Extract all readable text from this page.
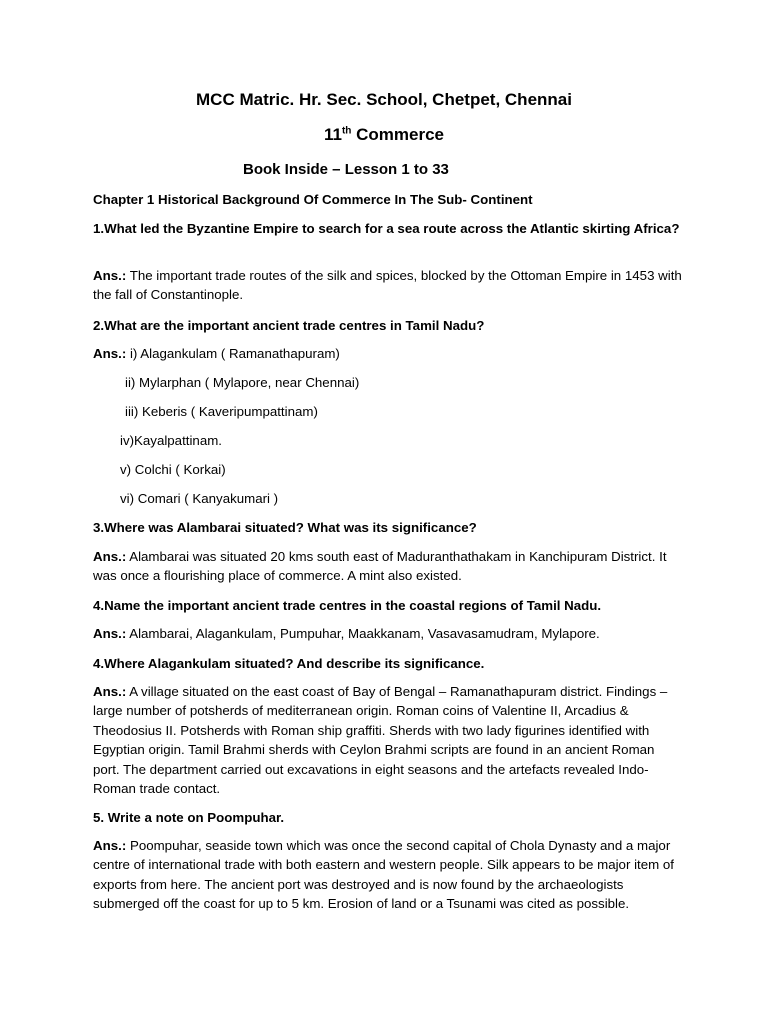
MCC Matric. Hr. Sec. School, Chetpet, Chennai
11th Commerce
Book Inside – Lesson 1 to 33

Chapter 1 Historical Background Of Commerce In The Sub- Continent

1.What led the Byzantine Empire to search for a sea route across the Atlantic skirting Africa?

Ans.: The important trade routes of the silk and spices, blocked by the Ottoman Empire in 1453 with the fall of Constantinople.

2.What are the important ancient trade centres in Tamil Nadu?

Ans.: i) Alagankulam ( Ramanathapuram)

ii) Mylarphan ( Mylapore, near Chennai)
iii) Keberis ( Kaveripumpattinam)
iv)Kayalpattinam.
v) Colchi ( Korkai)
vi) Comari ( Kanyakumari )

3.Where was Alambarai situated? What was its significance?

Ans.: Alambarai was situated 20 kms south east of Maduranthathakam in Kanchipuram District. It was once a flourishing place of commerce. A mint also existed.

4.Name the important ancient trade centres in the coastal regions of Tamil Nadu.

Ans.: Alambarai, Alagankulam, Pumpuhar, Maakkanam, Vasavasamudram, Mylapore.

4.Where Alagankulam situated? And describe its significance.

Ans.: A village situated on the east coast of Bay of Bengal – Ramanathapuram district. Findings – large number of potsherds of mediterranean origin. Roman coins of Valentine II, Arcadius & Theodosius II. Potsherds with Roman ship graffiti. Sherds with two lady figurines identified with Egyptian origin. Tamil Brahmi sherds with Ceylon Brahmi scripts are found in an ancient Roman port. The department carried out excavations in eight seasons and the artefacts revealed Indo- Roman trade contact.

5. Write a note on Poompuhar.

Ans.: Poompuhar, seaside town which was once the second capital of Chola Dynasty and a major centre of international trade with both eastern and western people. Silk appears to be major item of exports from here. The ancient port was destroyed and is now found by the archaeologists submerged off the coast for up to 5 km. Erosion of land or a Tsunami was cited as possible.
